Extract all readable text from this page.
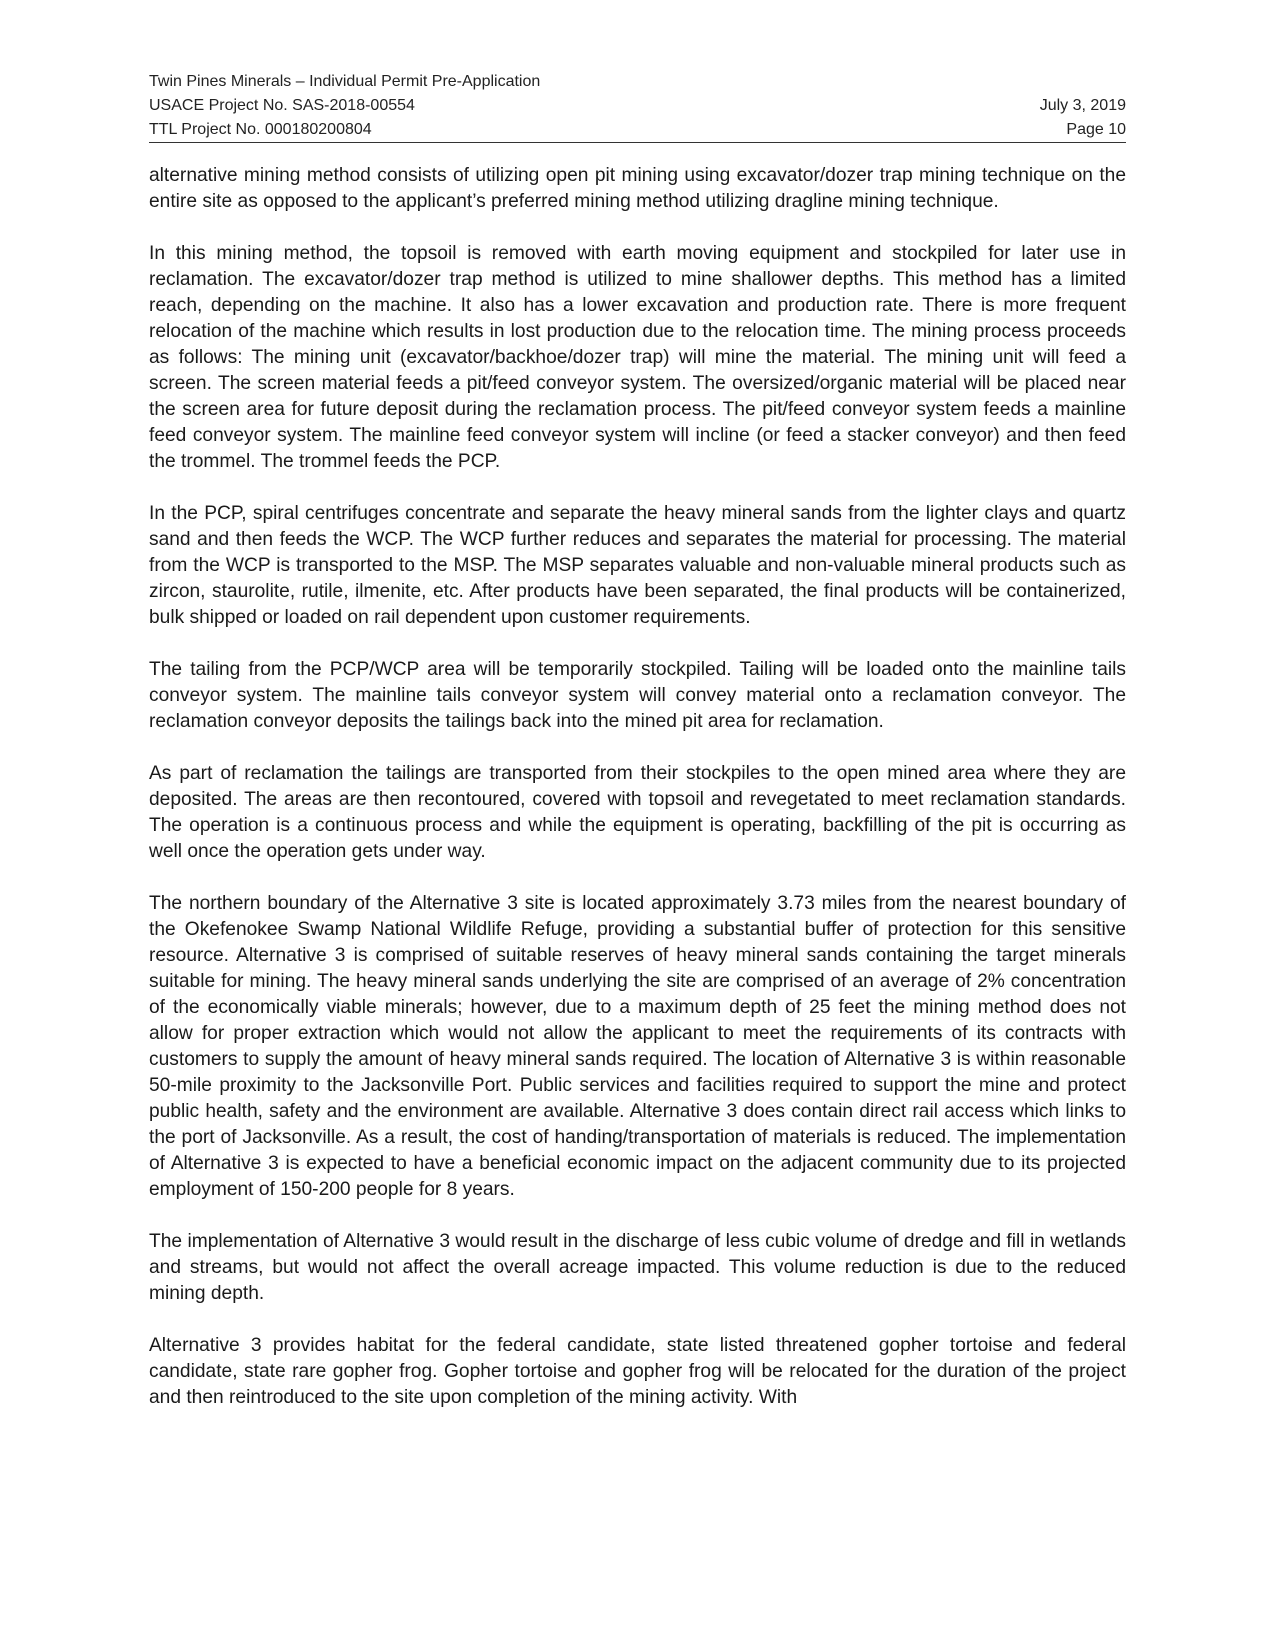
Twin Pines Minerals – Individual Permit Pre-Application
USACE Project No. SAS-2018-00554	July 3, 2019
TTL Project No. 000180200804	Page 10

alternative mining method consists of utilizing open pit mining using excavator/dozer trap mining technique on the entire site as opposed to the applicant’s preferred mining method utilizing dragline mining technique.

In this mining method, the topsoil is removed with earth moving equipment and stockpiled for later use in reclamation. The excavator/dozer trap method is utilized to mine shallower depths. This method has a limited reach, depending on the machine. It also has a lower excavation and production rate. There is more frequent relocation of the machine which results in lost production due to the relocation time. The mining process proceeds as follows: The mining unit (excavator/backhoe/dozer trap) will mine the material. The mining unit will feed a screen. The screen material feeds a pit/feed conveyor system. The oversized/organic material will be placed near the screen area for future deposit during the reclamation process. The pit/feed conveyor system feeds a mainline feed conveyor system. The mainline feed conveyor system will incline (or feed a stacker conveyor) and then feed the trommel. The trommel feeds the PCP.

In the PCP, spiral centrifuges concentrate and separate the heavy mineral sands from the lighter clays and quartz sand and then feeds the WCP. The WCP further reduces and separates the material for processing. The material from the WCP is transported to the MSP. The MSP separates valuable and non-valuable mineral products such as zircon, staurolite, rutile, ilmenite, etc. After products have been separated, the final products will be containerized, bulk shipped or loaded on rail dependent upon customer requirements.

The tailing from the PCP/WCP area will be temporarily stockpiled. Tailing will be loaded onto the mainline tails conveyor system. The mainline tails conveyor system will convey material onto a reclamation conveyor. The reclamation conveyor deposits the tailings back into the mined pit area for reclamation.

As part of reclamation the tailings are transported from their stockpiles to the open mined area where they are deposited. The areas are then recontoured, covered with topsoil and revegetated to meet reclamation standards. The operation is a continuous process and while the equipment is operating, backfilling of the pit is occurring as well once the operation gets under way.

The northern boundary of the Alternative 3 site is located approximately 3.73 miles from the nearest boundary of the Okefenokee Swamp National Wildlife Refuge, providing a substantial buffer of protection for this sensitive resource. Alternative 3 is comprised of suitable reserves of heavy mineral sands containing the target minerals suitable for mining. The heavy mineral sands underlying the site are comprised of an average of 2% concentration of the economically viable minerals; however, due to a maximum depth of 25 feet the mining method does not allow for proper extraction which would not allow the applicant to meet the requirements of its contracts with customers to supply the amount of heavy mineral sands required. The location of Alternative 3 is within reasonable 50-mile proximity to the Jacksonville Port. Public services and facilities required to support the mine and protect public health, safety and the environment are available. Alternative 3 does contain direct rail access which links to the port of Jacksonville. As a result, the cost of handing/transportation of materials is reduced. The implementation of Alternative 3 is expected to have a beneficial economic impact on the adjacent community due to its projected employment of 150-200 people for 8 years.

The implementation of Alternative 3 would result in the discharge of less cubic volume of dredge and fill in wetlands and streams, but would not affect the overall acreage impacted. This volume reduction is due to the reduced mining depth.

Alternative 3 provides habitat for the federal candidate, state listed threatened gopher tortoise and federal candidate, state rare gopher frog. Gopher tortoise and gopher frog will be relocated for the duration of the project and then reintroduced to the site upon completion of the mining activity. With
